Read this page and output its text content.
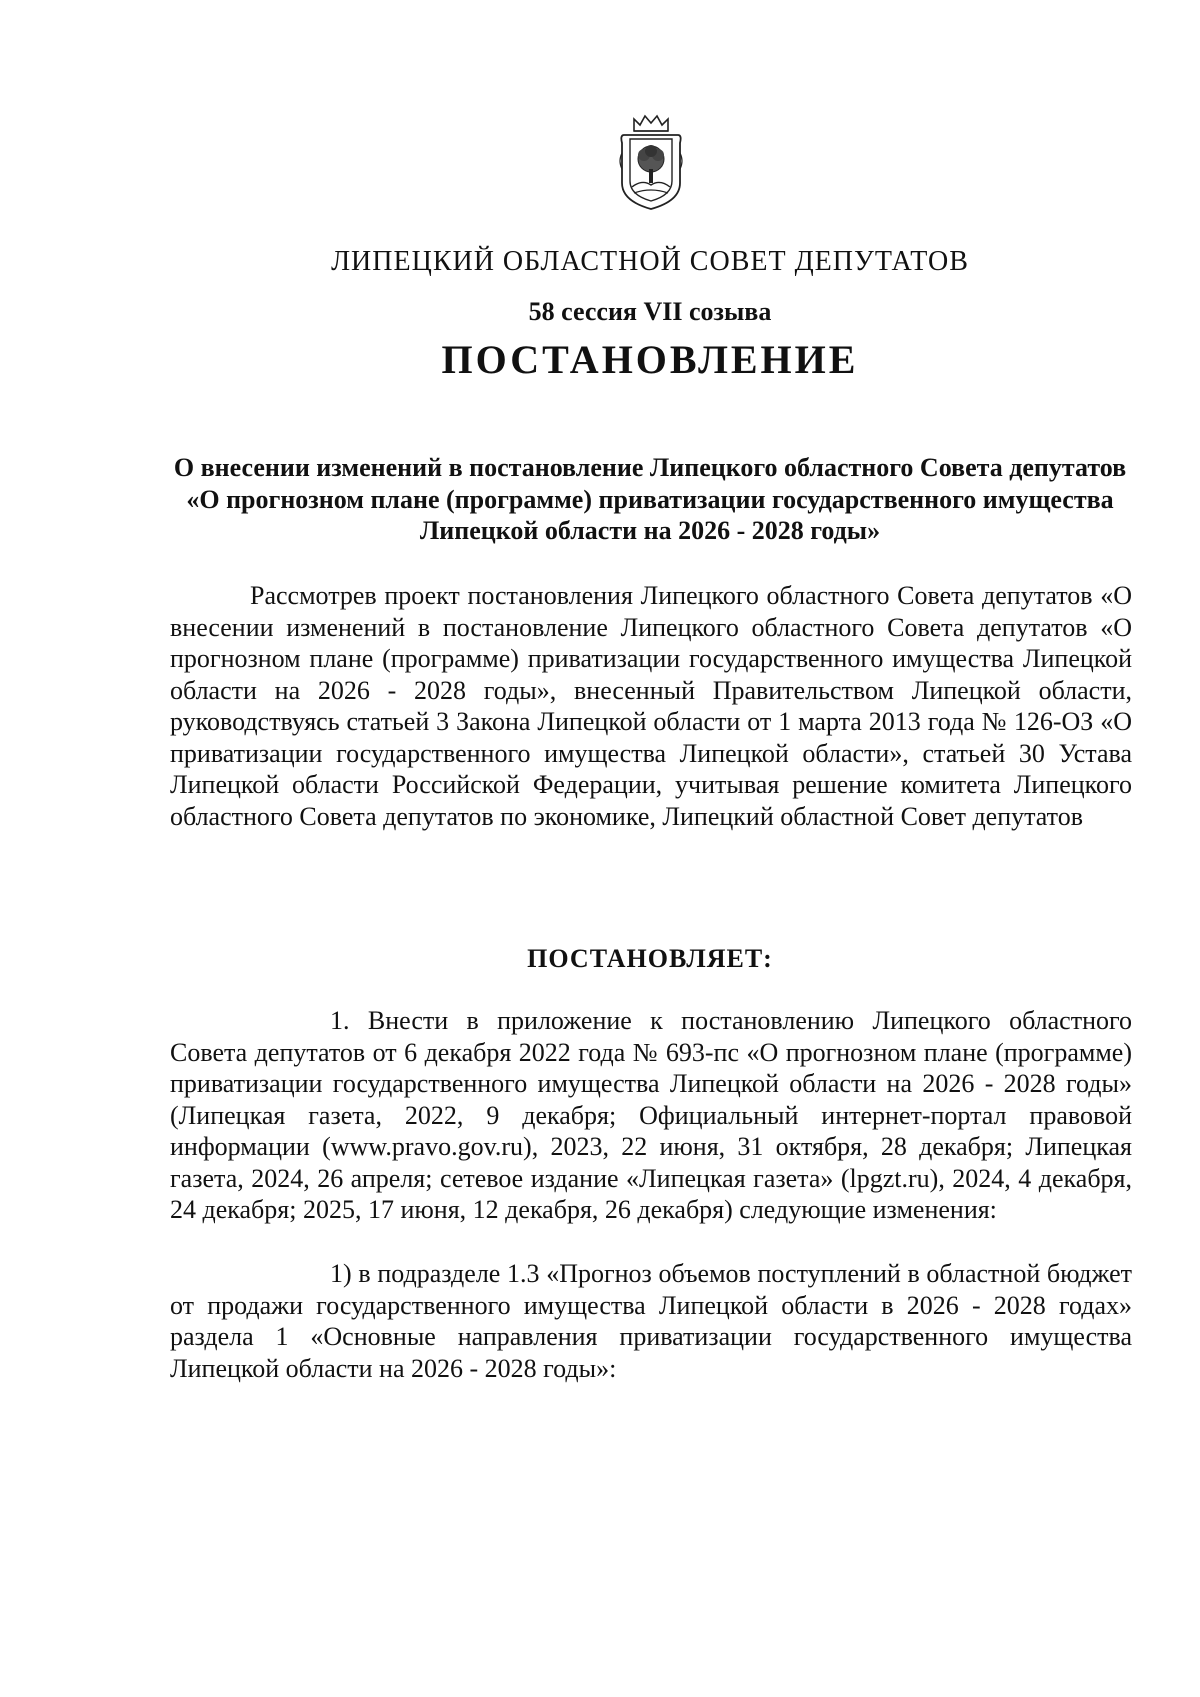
ЛИПЕЦКИЙ ОБЛАСТНОЙ СОВЕТ ДЕПУТАТОВ
58 сессия VII созыва
ПОСТАНОВЛЕНИЕ
О внесении изменений в постановление Липецкого областного Совета депутатов «О прогнозном плане (программе) приватизации государственного имущества Липецкой области на 2026 - 2028 годы»

Рассмотрев проект постановления Липецкого областного Совета депутатов «О внесении изменений в постановление Липецкого областного Совета депутатов «О прогнозном плане (программе) приватизации государственного имущества Липецкой области на 2026 - 2028 годы», внесенный Правительством Липецкой области, руководствуясь статьей 3 Закона Липецкой области от 1 марта 2013 года № 126-ОЗ «О приватизации государственного имущества Липецкой области», статьей 30 Устава Липецкой области Российской Федерации, учитывая решение комитета Липецкого областного Совета депутатов по экономике, Липецкий областной Совет депутатов

ПОСТАНОВЛЯЕТ:

1. Внести в приложение к постановлению Липецкого областного Совета депутатов от 6 декабря 2022 года № 693-пс «О прогнозном плане (программе) приватизации государственного имущества Липецкой области на 2026 - 2028 годы» (Липецкая газета, 2022, 9 декабря; Официальный интернет-портал правовой информации (www.pravo.gov.ru), 2023, 22 июня, 31 октября, 28 декабря; Липецкая газета, 2024, 26 апреля; сетевое издание «Липецкая газета» (lpgzt.ru), 2024, 4 декабря, 24 декабря; 2025, 17 июня, 12 декабря, 26 декабря) следующие изменения:

1) в подразделе 1.3 «Прогноз объемов поступлений в областной бюджет от продажи государственного имущества Липецкой области в 2026 - 2028 годах» раздела 1 «Основные направления приватизации государственного имущества Липецкой области на 2026 - 2028 годы»:
